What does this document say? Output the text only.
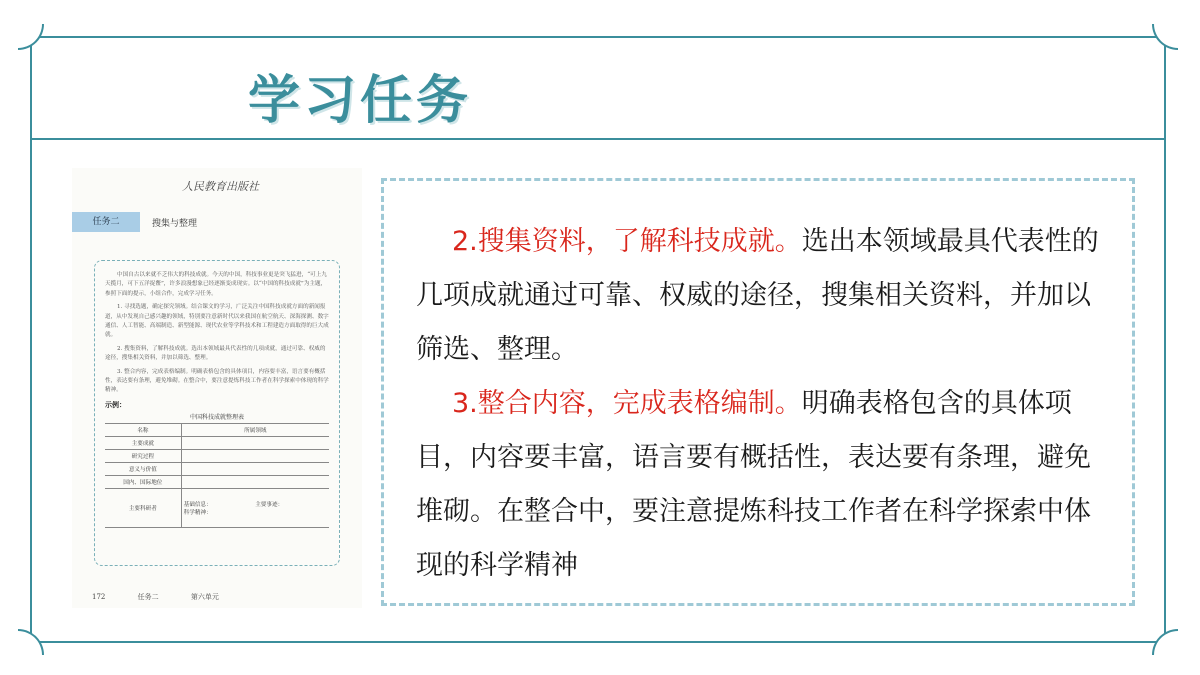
学习任务
人民教育出版社
任务二	搜集与整理

中国自古以来就不乏伟大的科技成就。今天的中国，科技事业更是突飞猛进，“可上九天揽月，可下五洋捉鳖”，许多浪漫想象已经逐渐变成现实。以“中国的科技成就”为主题，参照下面的提示，小组合作，完成学习任务。

1. 寻找选题，确定探究领域。结合课文的学习，广泛关注中国科技成就方面的新闻报道，从中发现自己感兴趣的领域，特别要注意新时代以来我国在航空航天、深海探测、数字通信、人工智能、高端制造、新型能源、现代农业等学科技术和工程建造方面取得的巨大成就。

2. 搜集资料，了解科技成就。选出本领域最具代表性的几项成就，通过可靠、权威的途径，搜集相关资料，并加以筛选、整理。

3. 整合内容，完成表格编制。明确表格包含的具体项目，内容要丰富，语言要有概括性，表达要有条理，避免堆砌。在整合中，要注意提炼科技工作者在科学探索中体现的科学精神。

示例：
中国科技成就整理表
名称	所属领域
主要成就	
研究过程	
意义与价值	
国内、国际地位	
主要科研者	基础信息： 主要事迹：
科学精神：
172	任务二	第六单元

2.搜集资料，了解科技成就。选出本领域最具代表性的几项成就通过可靠、权威的途径，搜集相关资料，并加以筛选、整理。

3.整合内容，完成表格编制。明确表格包含的具体项目，内容要丰富，语言要有概括性，表达要有条理，避免堆砌。在整合中，要注意提炼科技工作者在科学探索中体现的科学精神
